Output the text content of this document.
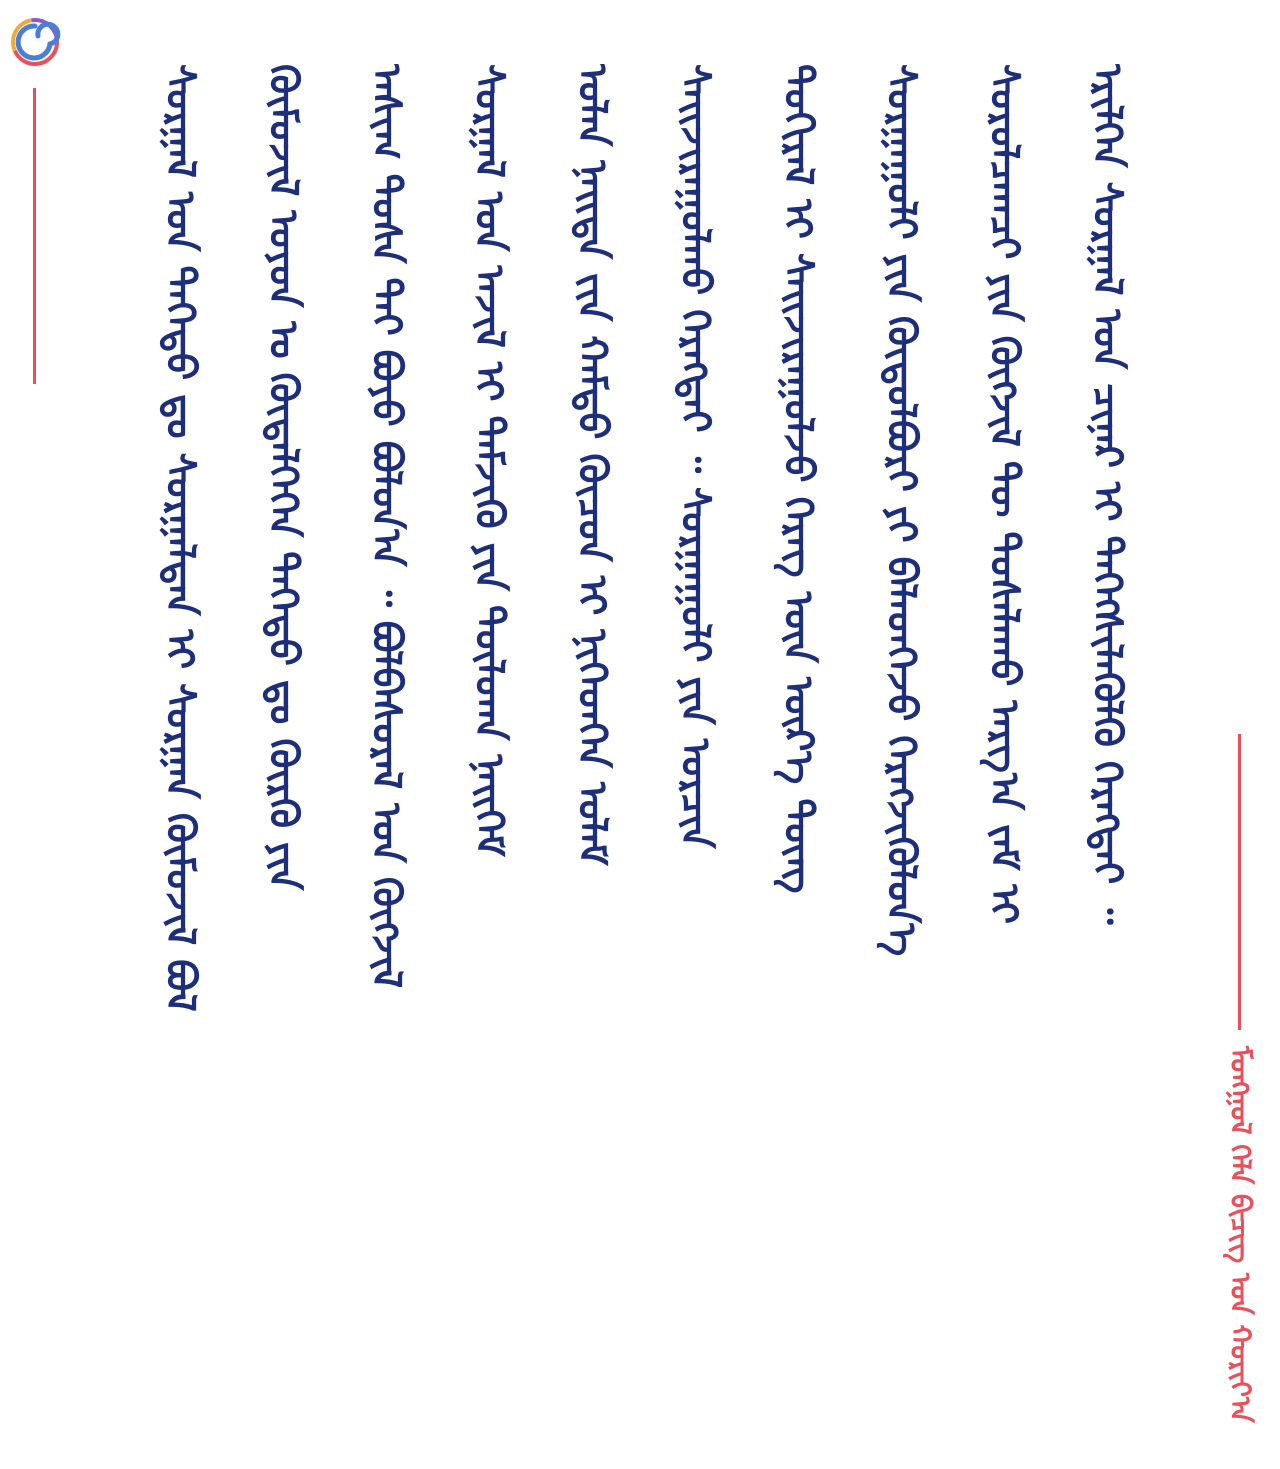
ᠮᠣᠩᠭᠣᠯ ᠬᠡᠯᠡ ᠪᠢᠴᠢᠭ ᠤᠨ ᠬᠣᠷᠢᠶ᠎ᠠ
ᠰᠤᠷᠭᠠᠯ ᠤᠨ ᠳᠡᠭᠡᠳᠦ ᠳᠤ ᠰᠤᠷᠭᠠᠯᠲᠠᠨ ᠢ ᠰᠤᠷᠭᠠᠨ ᠬᠦᠮᠦᠵᠢᠯ ᠪᠣᠯ	ᠬᠦᠮᠦᠵᠢᠯ ᠣᠶᠤᠨ ᠤ ᠬᠦᠳᠡᠯᠭᠡᠭᠡᠨ ᠳᠡᠭᠡᠳᠦ ᠳᠤ ᠬᠦᠷᠬᠦ ᠶᠢᠨ	ᠠᠰᠢᠭ ᠲᠤᠰᠠ ᠲᠠᠢ ᠪᠤᠶᠤ ᠪᠣᠯᠤᠨ᠎ᠠ ᠃ ᠪᠣᠯᠪᠠᠰᠤᠷᠠᠯ ᠤᠨ ᠬᠥᠭᠵᠢᠯ	ᠰᠤᠷᠭᠠᠯ ᠤᠨ ᠠᠵᠢᠯ ᠢ ᠳᠡᠮᠵᠢᠬᠦ ᠶᠢᠨ ᠲᠥᠯᠥᠭ᠍ᠡ ᠨᠡᠢᠭᠡᠮ	ᠣᠯᠠᠨ ᠨᠡᠢᠲᠡ ᠵᠢᠨ ᠬᠠᠮᠲᠤ ᠬᠦᠴᠦᠨ ᠢ ᠨᠢᠭᠡᠳᠭᠡᠨ ᠤᠯᠠᠮ	ᠰᠠᠢᠵᠢᠷᠠᠭᠤᠯᠬᠤ ᠬᠡᠷᠡᠭᠲᠡᠢ ᠃ ᠰᠤᠷᠭᠠᠭᠤᠯᠢ ᠶᠢᠨ ᠣᠷᠴᠢᠨ	ᠲᠣᠬᠢᠷᠠᠯ ᠢ ᠰᠠᠢᠵᠢᠷᠠᠭᠤᠯᠵᠤ ᠬᠡᠷᠡᠭ ᠦᠨ ᠦᠷ᠎ᠡ ᠳᠦᠩ	ᠰᠤᠷᠭᠠᠭᠤᠯᠢ ᠶᠢᠨ ᠬᠥᠲᠦᠯᠪᠦᠷᠢ ᠶᠢ ᠪᠡᠯᠡᠳᠬᠡᠵᠦ ᠬᠡᠷᠡᠭᠵᠢᠭᠦᠯᠦᠨ᠎ᠡ	ᠰᠤᠷᠤᠯᠴᠠᠭᠴᠢ ᠶᠢᠨ ᠬᠥᠭᠵᠢᠯ ᠲᠦ ᠲᠤᠰᠠᠯᠠᠬᠤ ᠠᠷᠭ᠎ᠠ ᠵᠠᠮ ᠢ	ᠡᠷᠢᠯᠬᠡᠨ ᠰᠤᠷᠭᠠᠯ ᠤᠨ ᠴᠢᠨᠠᠷ ᠢ ᠳᠡᠭᠡᠭᠰᠢᠯᠡᠭᠦᠯᠬᠦ ᠬᠡᠷᠡᠭᠲᠡᠢ ᠃
